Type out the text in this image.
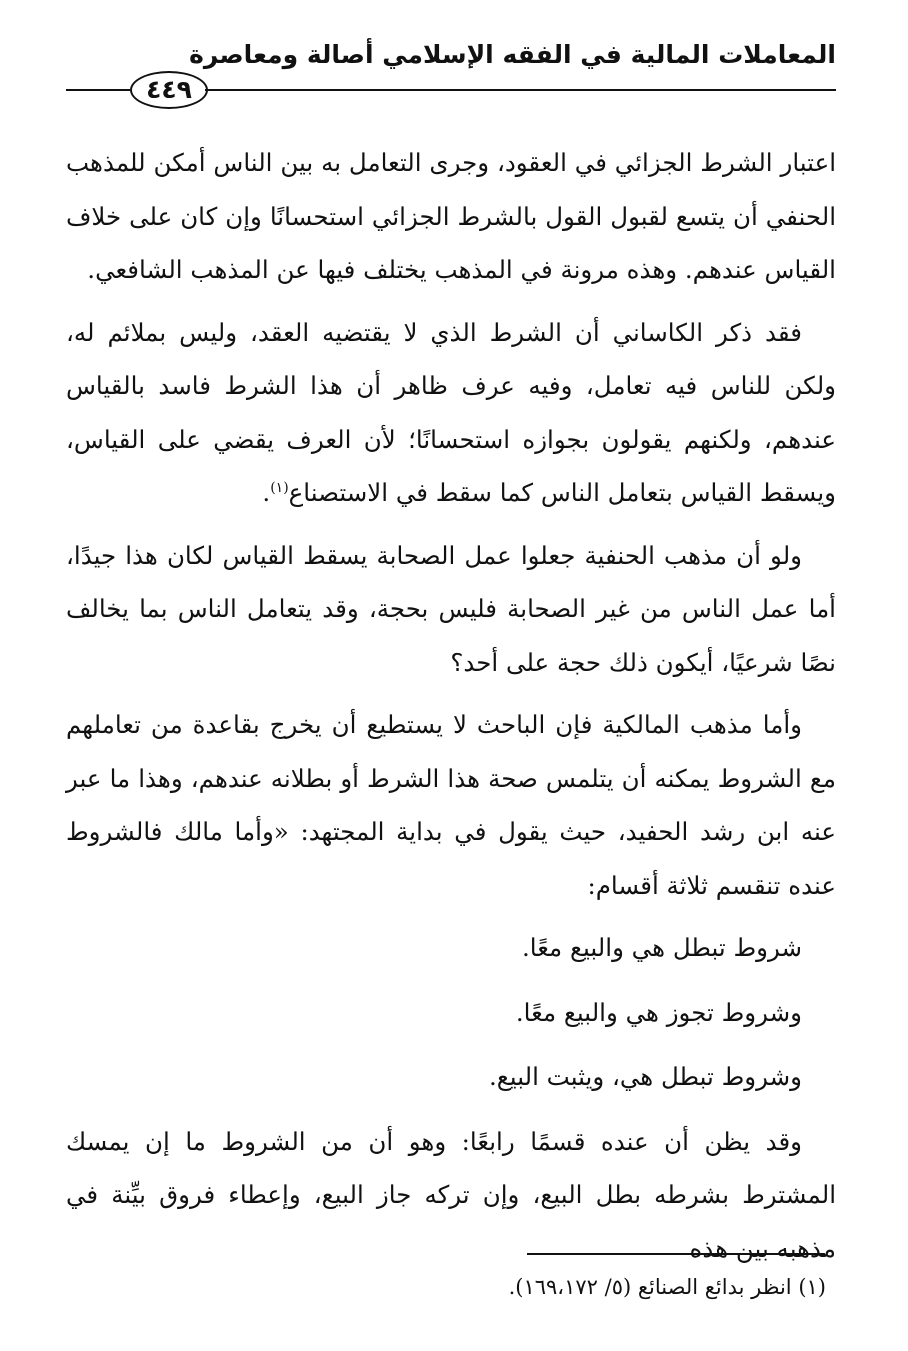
المعاملات المالية في الفقه الإسلامي أصالة ومعاصرة
٤٤٩

اعتبار الشرط الجزائي في العقود، وجرى التعامل به بين الناس أمكن للمذهب الحنفي أن يتسع لقبول القول بالشرط الجزائي استحسانًا وإن كان على خلاف القياس عندهم. وهذه مرونة في المذهب يختلف فيها عن المذهب الشافعي.

فقد ذكر الكاساني أن الشرط الذي لا يقتضيه العقد، وليس بملائم له، ولكن للناس فيه تعامل، وفيه عرف ظاهر أن هذا الشرط فاسد بالقياس عندهم، ولكنهم يقولون بجوازه استحسانًا؛ لأن العرف يقضي على القياس، ويسقط القياس بتعامل الناس كما سقط في الاستصناع$^{(١)}$.

ولو أن مذهب الحنفية جعلوا عمل الصحابة يسقط القياس لكان هذا جيدًا، أما عمل الناس من غير الصحابة فليس بحجة، وقد يتعامل الناس بما يخالف نصًا شرعيًا، أيكون ذلك حجة على أحد؟

وأما مذهب المالكية فإن الباحث لا يستطيع أن يخرج بقاعدة من تعاملهم مع الشروط يمكنه أن يتلمس صحة هذا الشرط أو بطلانه عندهم، وهذا ما عبر عنه ابن رشد الحفيد، حيث يقول في بداية المجتهد: «وأما مالك فالشروط عنده تنقسم ثلاثة أقسام:

شروط تبطل هي والبيع معًا.

وشروط تجوز هي والبيع معًا.

وشروط تبطل هي، ويثبت البيع.

وقد يظن أن عنده قسمًا رابعًا: وهو أن من الشروط ما إن يمسك المشترط بشرطه بطل البيع، وإن تركه جاز البيع، وإعطاء فروق بيِّنة في مذهبه بين هذه

(١) انظر بدائع الصنائع (٥/ ١٦٩،١٧٢).
